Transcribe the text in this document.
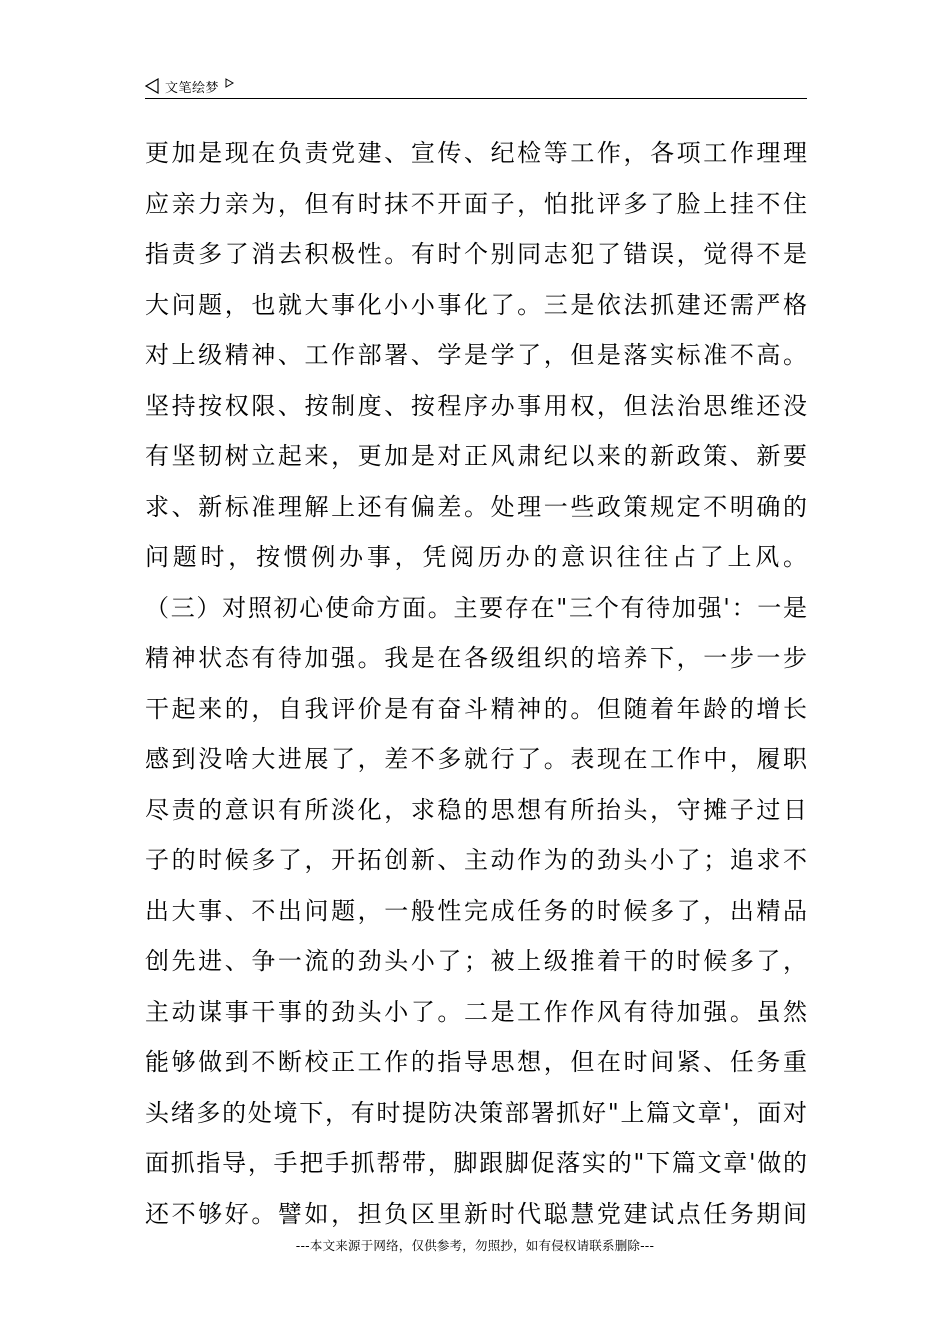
文笔绘梦
更加是现在负责党建、宣传、纪检等工作，各项工作理理
应亲力亲为，但有时抹不开面子，怕批评多了脸上挂不住
指责多了消去积极性。有时个别同志犯了错误，觉得不是
大问题，也就大事化小小事化了。三是依法抓建还需严格
对上级精神、工作部署、学是学了，但是落实标准不高。
坚持按权限、按制度、按程序办事用权，但法治思维还没
有坚韧树立起来，更加是对正风肃纪以来的新政策、新要
求、新标准理解上还有偏差。处理一些政策规定不明确的
问题时，按惯例办事，凭阅历办的意识往往占了上风。
（三）对照初心使命方面。主要存在"三个有待加强'：一是
精神状态有待加强。我是在各级组织的培养下，一步一步
干起来的，自我评价是有奋斗精神的。但随着年龄的增长
感到没啥大进展了，差不多就行了。表现在工作中，履职
尽责的意识有所淡化，求稳的思想有所抬头，守摊子过日
子的时候多了，开拓创新、主动作为的劲头小了；追求不
出大事、不出问题，一般性完成任务的时候多了，出精品
创先进、争一流的劲头小了；被上级推着干的时候多了，
主动谋事干事的劲头小了。二是工作作风有待加强。虽然
能够做到不断校正工作的指导思想，但在时间紧、任务重
头绪多的处境下，有时提防决策部署抓好"上篇文章'，面对
面抓指导，手把手抓帮带，脚跟脚促落实的"下篇文章'做的
还不够好。譬如，担负区里新时代聪慧党建试点任务期间
---本文来源于网络，仅供参考，勿照抄，如有侵权请联系删除---
